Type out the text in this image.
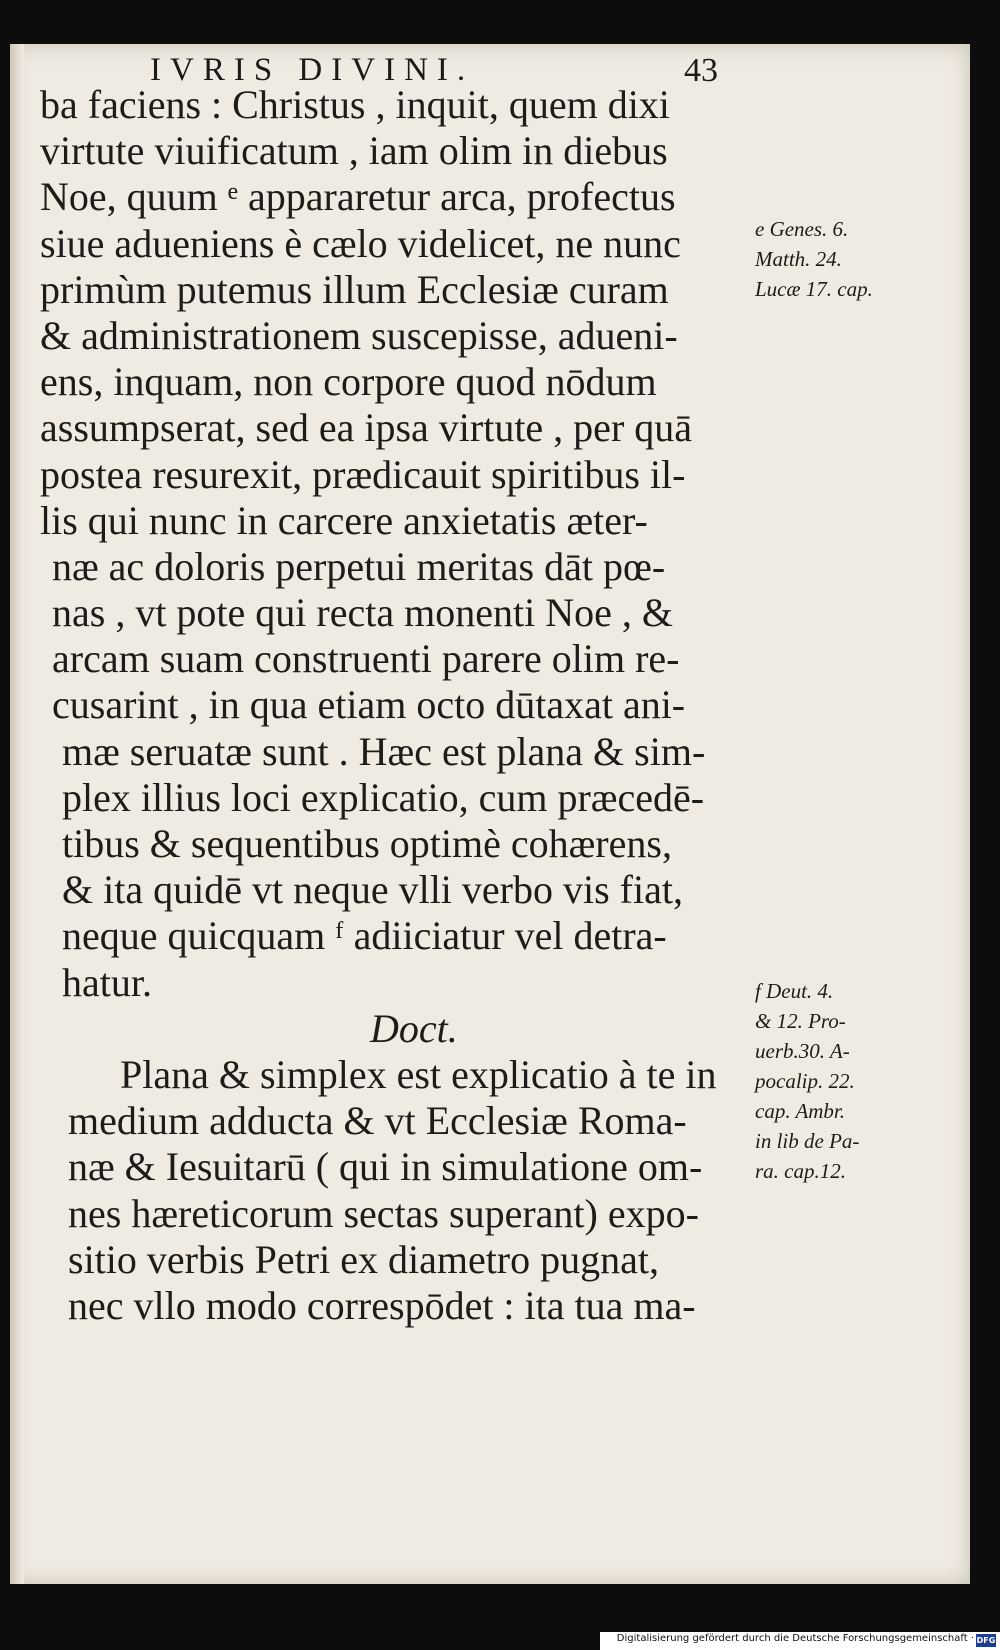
IVRIS DIVINI.	43
ba faciens : Christus , inquit, quem dixi
virtute viuificatum , iam olim in diebus
Noe, quum ᵉ appararetur arca, profectus
siue adueniens è cælo videlicet, ne nunc
primùm putemus illum Ecclesiæ curam
& administrationem suscepisse, adueni-
ens, inquam, non corpore quod nōdum
assumpserat, sed ea ipsa virtute , per quā
postea resurexit, prædicauit spiritibus il-
lis qui nunc in carcere anxietatis æter-
næ ac doloris perpetui meritas dāt pœ-
nas , vt pote qui recta monenti Noe , &
arcam suam construenti parere olim re-
cusarint , in qua etiam octo dūtaxat ani-
mæ seruatæ sunt . Hæc est plana & sim-
plex illius loci explicatio, cum præcedē-
tibus & sequentibus optimè cohærens,
& ita quidē vt neque vlli verbo vis fiat,
neque quicquam ᶠ adiiciatur vel detra-
hatur.
Doct.
Plana & simplex est explicatio à te in
medium adducta & vt Ecclesiæ Roma-
næ & Iesuitarū ( qui in simulatione om-
nes hæreticorum sectas superant) expo-
sitio verbis Petri ex diametro pugnat,
nec vllo modo correspōdet : ita tua ma-
e Genes. 6.
Matth. 24.
Lucæ 17. cap.
f Deut. 4.
& 12. Pro-
uerb.30. A-
pocalip. 22.
cap. Ambr.
in lib de Pa-
ra. cap.12.
Digitalisierung gefördert durch die Deutsche Forschungsgemeinschaft · DFG
